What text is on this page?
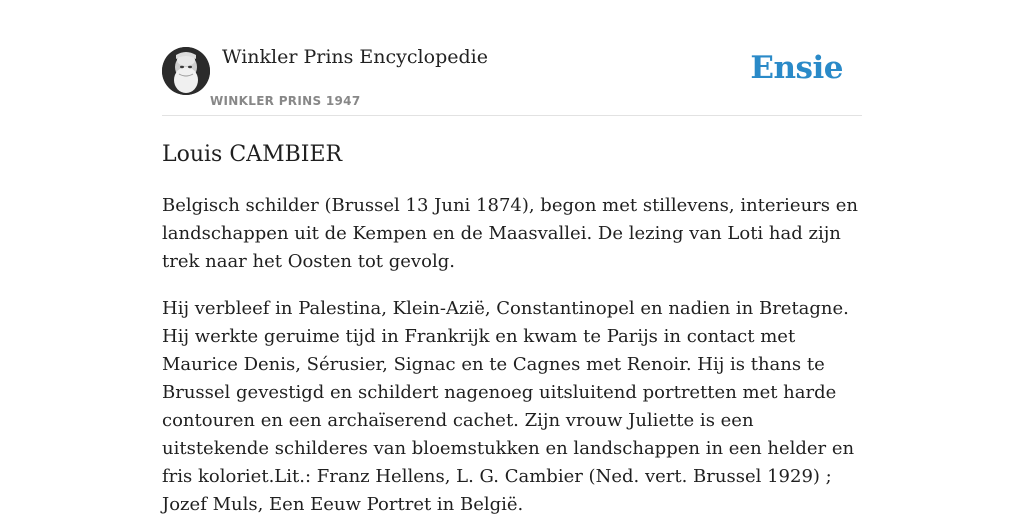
Winkler Prins Encyclopedie
WINKLER PRINS 1947
Ensie
Louis CAMBIER

Belgisch schilder (Brussel 13 Juni 1874), begon met stillevens, interieurs en landschappen uit de Kempen en de Maasvallei. De lezing van Loti had zijn trek naar het Oosten tot gevolg.

Hij verbleef in Palestina, Klein-Azië, Constantinopel en nadien in Bretagne. Hij werkte geruime tijd in Frankrijk en kwam te Parijs in contact met Maurice Denis, Sérusier, Signac en te Cagnes met Renoir. Hij is thans te Brussel gevestigd en schildert nagenoeg uitsluitend portretten met harde contouren en een archaïserend cachet. Zijn vrouw Juliette is een uitstekende schilderes van bloemstukken en landschappen in een helder en fris koloriet.Lit.: Franz Hellens, L. G. Cambier (Ned. vert. Brussel 1929) ; Jozef Muls, Een Eeuw Portret in België.
